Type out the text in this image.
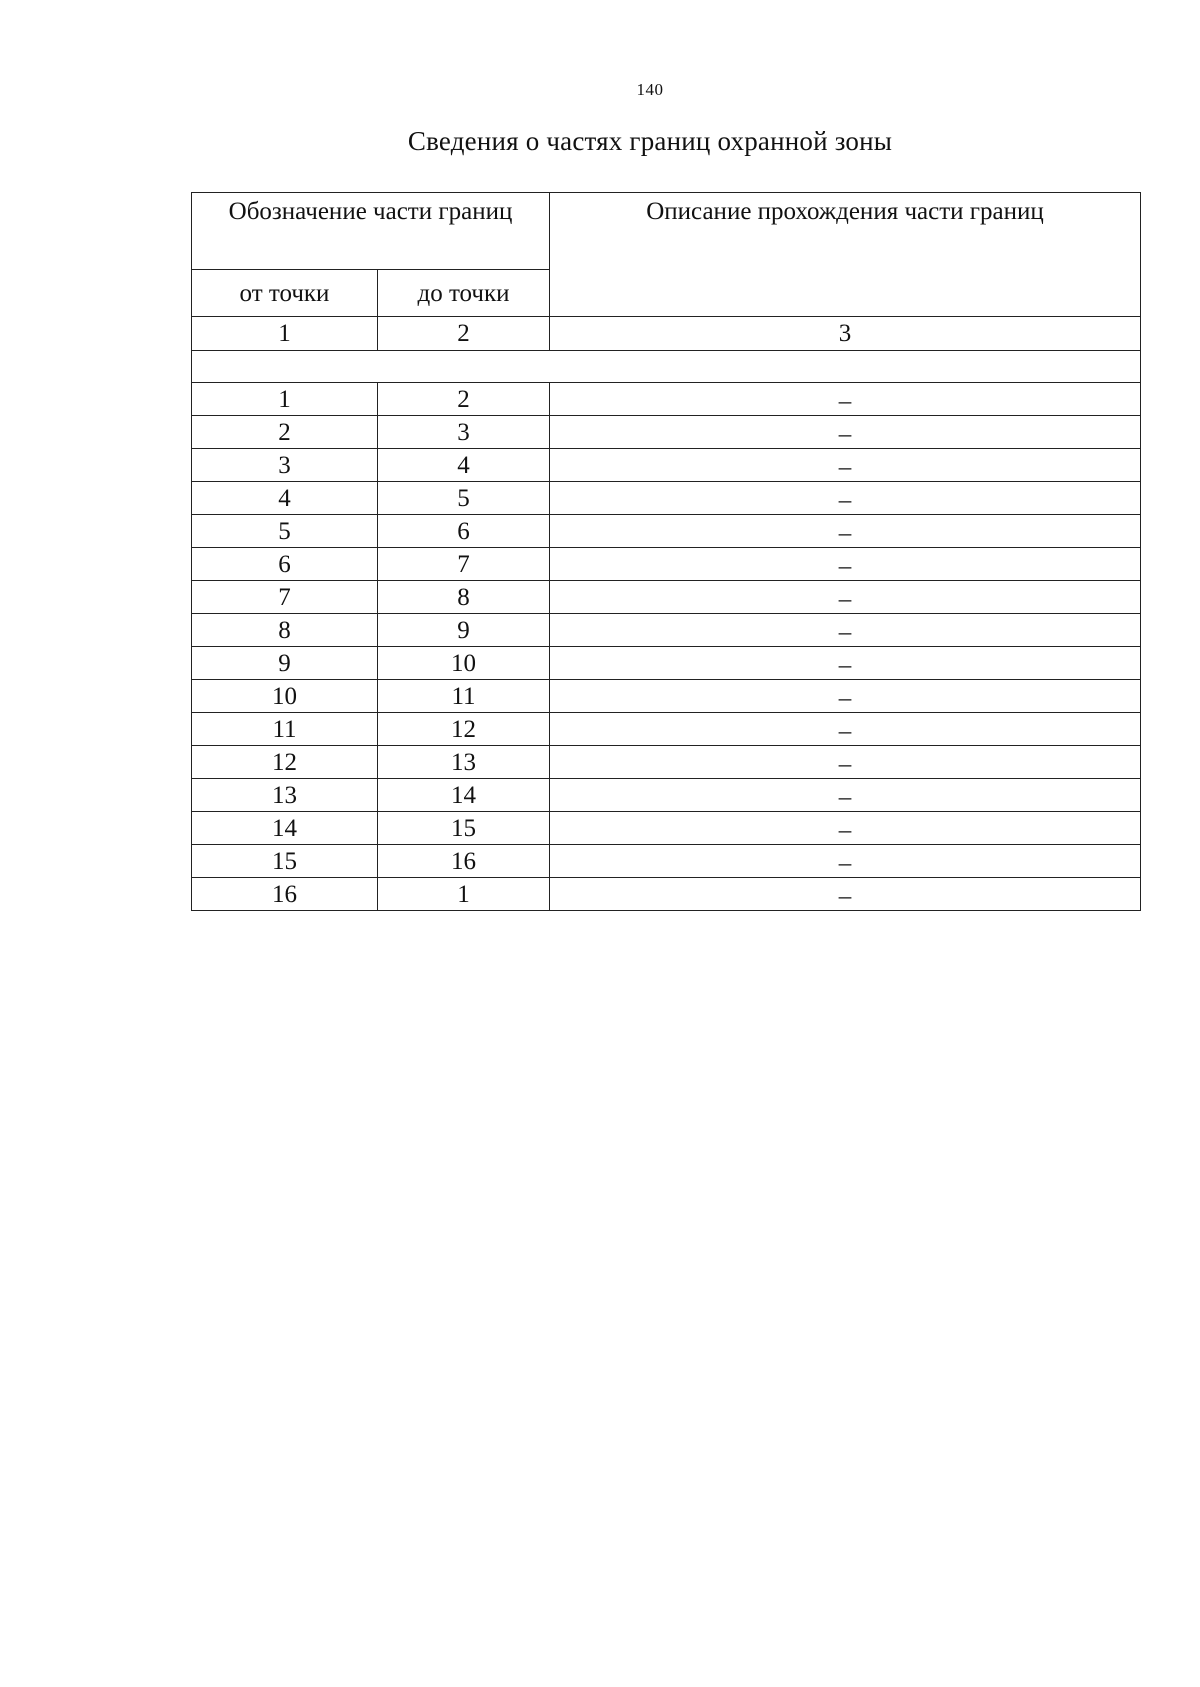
140
Сведения о частях границ охранной зоны
Обозначение части границ		Описание прохождения части границ
от точки	до точки	
1	2	3

1	2	–
2	3	–
3	4	–
4	5	–
5	6	–
6	7	–
7	8	–
8	9	–
9	10	–
10	11	–
11	12	–
12	13	–
13	14	–
14	15	–
15	16	–
16	1	–
